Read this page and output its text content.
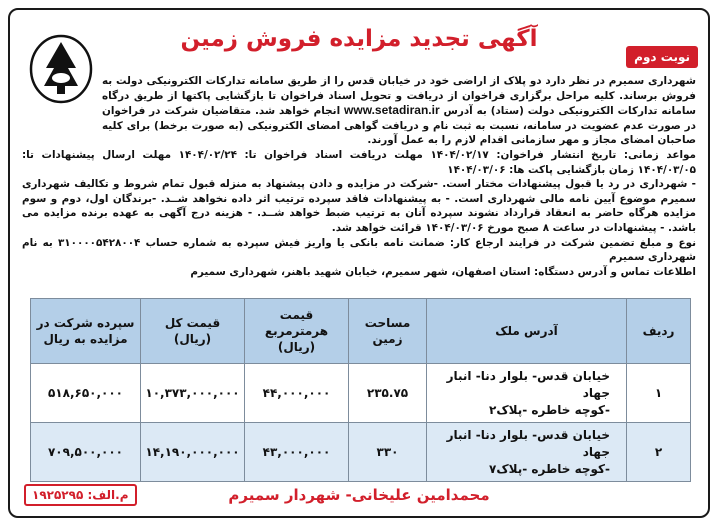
آگهی تجدید مزایده فروش زمین
نوبت دوم

شهرداری سمیرم در نظر دارد دو پلاک از اراضی خود در خیابان قدس را از طریق سامانه تدارکات الکترونیکی دولت به فروش برساند. کلیه مراحل برگزاری فراخوان از دریافت و تحویل اسناد فراخوان تا بازگشایی پاکتها از طریق درگاه سامانه تدارکات الکترونیکی دولت (ستاد) به آدرس www.setadiran.ir انجام خواهد شد. متقاضیان شرکت در فراخوان در صورت عدم عضویت در سامانه، نسبت به ثبت نام و دریافت گواهی امضای الکترونیکی (به صورت برخط) برای کلیه صاحبان امضای مجاز و مهر سازمانی اقدام لازم را به عمل آورند.

مواعد زمانی: تاریخ انتشار فراخوان: ۱۴۰۴/۰۲/۱۷ مهلت دریافت اسناد فراخوان تا: ۱۴۰۴/۰۲/۲۴ مهلت ارسال پیشنهادات تا: ۱۴۰۴/۰۳/۰۵ زمان بازگشایی پاکت ها: ۱۴۰۴/۰۳/۰۶

- شهرداری در رد یا قبول پیشنهادات مختار است. -شرکت در مزایده و دادن پیشنهاد به منزله قبول تمام شروط و تکالیف شهرداری سمیرم موضوع آیین نامه مالی شهرداری است. - به پیشنهادات فاقد سپرده ترتیب اثر داده نخواهد شــد. -برندگان اول، دوم و سوم مزایده هرگاه حاضر به انعقاد قرارداد نشوند سپرده آنان به ترتیب ضبط خواهد شــد. - هزینه درج آگهی به عهده برنده مزایده می باشد. - پیشنهادات در ساعت ۸ صبح مورخ ۱۴۰۴/۰۳/۰۶ قرائت خواهد شد.

نوع و مبلغ تضمین شرکت در فرایند ارجاع کار: ضمانت نامه بانکی یا واریز فیش سپرده به شماره حساب ۳۱۰۰۰۰۵۴۲۸۰۰۴ به نام شهرداری سمیرم

اطلاعات تماس و آدرس دستگاه: استان اصفهان، شهر سمیرم، خیابان شهید باهنر، شهرداری سمیرم

ردیف	آدرس ملک	مساحت زمین	قیمت هرمترمربع (ریال)	قیمت کل (ریال)	سپرده شرکت در مزایده به ریال
۱	خیابان قدس- بلوار دنا- انبار جهاد
-کوچه خاطره -پلاک۲	۲۳۵.۷۵	۴۴,۰۰۰,۰۰۰	۱۰,۳۷۳,۰۰۰,۰۰۰	۵۱۸,۶۵۰,۰۰۰
۲	خیابان قدس- بلوار دنا- انبار جهاد
-کوچه خاطره -پلاک۷	۳۳۰	۴۳,۰۰۰,۰۰۰	۱۴,۱۹۰,۰۰۰,۰۰۰	۷۰۹,۵۰۰,۰۰۰
محمدامین علیخانی- شهردار سمیرم
م.الف: ۱۹۲۵۲۹۵
